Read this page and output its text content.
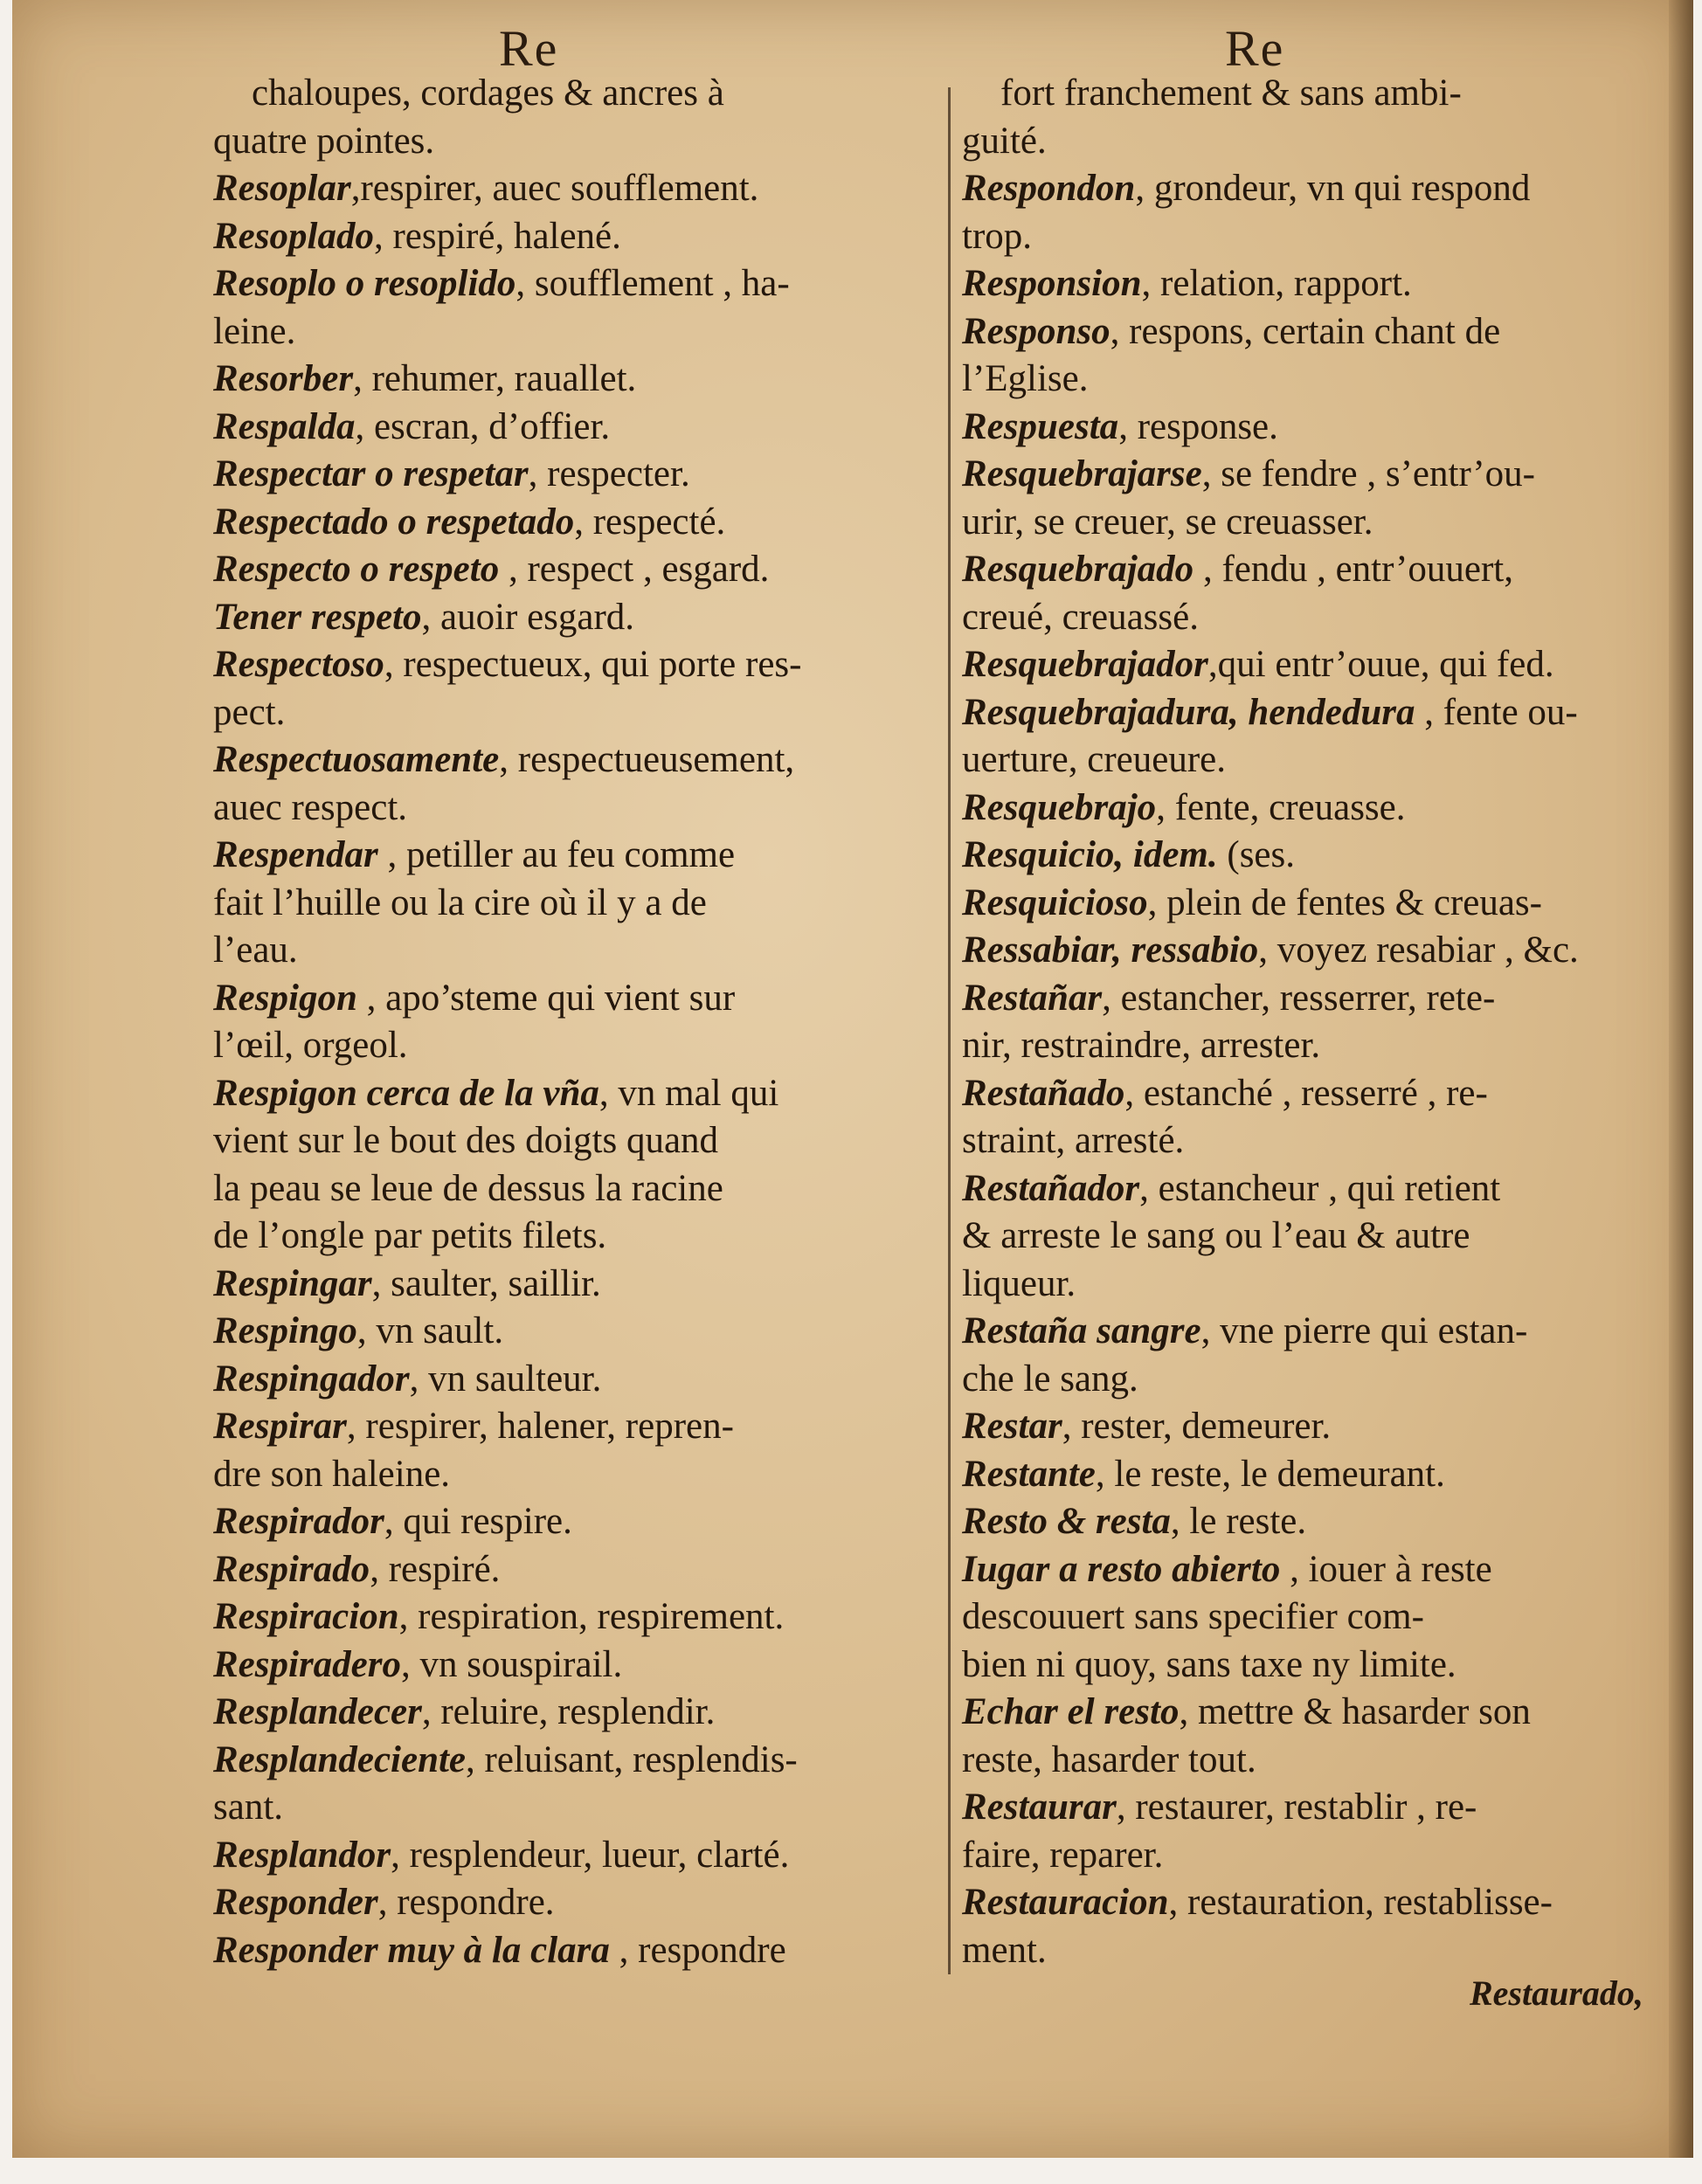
Re	Re
chaloupes, cordages & ancres à
quatre pointes.
Resoplar,respirer, auec soufflement.
Resoplado, respiré, halené.
Resoplo o resoplido, soufflement , ha-
leine.
Resorber, rehumer, rauallet.
Respalda, escran, d’offier.
Respectar o respetar, respecter.
Respectado o respetado, respecté.
Respecto o respeto , respect , esgard.
Tener respeto, auoir esgard.
Respectoso, respectueux, qui porte res-
pect.
Respectuosamente, respectueusement,
auec respect.
Respendar , petiller au feu comme
fait l’huille ou la cire où il y a de
l’eau.
Respigon , apo’steme qui vient sur
l’œil, orgeol.
Respigon cerca de la vña, vn mal qui
vient sur le bout des doigts quand
la peau se leue de dessus la racine
de l’ongle par petits filets.
Respingar, saulter, saillir.
Respingo, vn sault.
Respingador, vn saulteur.
Respirar, respirer, halener, repren-
dre son haleine.
Respirador, qui respire.
Respirado, respiré.
Respiracion, respiration, respirement.
Respiradero, vn souspirail.
Resplandecer, reluire, resplendir.
Resplandeciente, reluisant, resplendis-
sant.
Resplandor, resplendeur, lueur, clarté.
Responder, respondre.
Responder muy à la clara , respondre
fort franchement & sans ambi-
guité.
Respondon, grondeur, vn qui respond
trop.
Responsion, relation, rapport.
Responso, respons, certain chant de
l’Eglise.
Respuesta, response.
Resquebrajarse, se fendre , s’entr’ou-
urir, se creuer, se creuasser.
Resquebrajado , fendu , entr’ouuert,
creué, creuassé.
Resquebrajador,qui entr’ouue, qui fed.
Resquebrajadura, hendedura , fente ou-
uerture, creueure.
Resquebrajo, fente, creuasse.
Resquicio, idem. (ses.
Resquicioso, plein de fentes & creuas-
Ressabiar, ressabio, voyez resabiar , &c.
Restañar, estancher, resserrer, rete-
nir, restraindre, arrester.
Restañado, estanché , resserré , re-
straint, arresté.
Restañador, estancheur , qui retient
& arreste le sang ou l’eau & autre
liqueur.
Restaña sangre, vne pierre qui estan-
che le sang.
Restar, rester, demeurer.
Restante, le reste, le demeurant.
Resto & resta, le reste.
Iugar a resto abierto , iouer à reste
descouuert sans specifier com-
bien ni quoy, sans taxe ny limite.
Echar el resto, mettre & hasarder son
reste, hasarder tout.
Restaurar, restaurer, restablir , re-
faire, reparer.
Restauracion, restauration, restablisse-
ment.
Restaurado,
